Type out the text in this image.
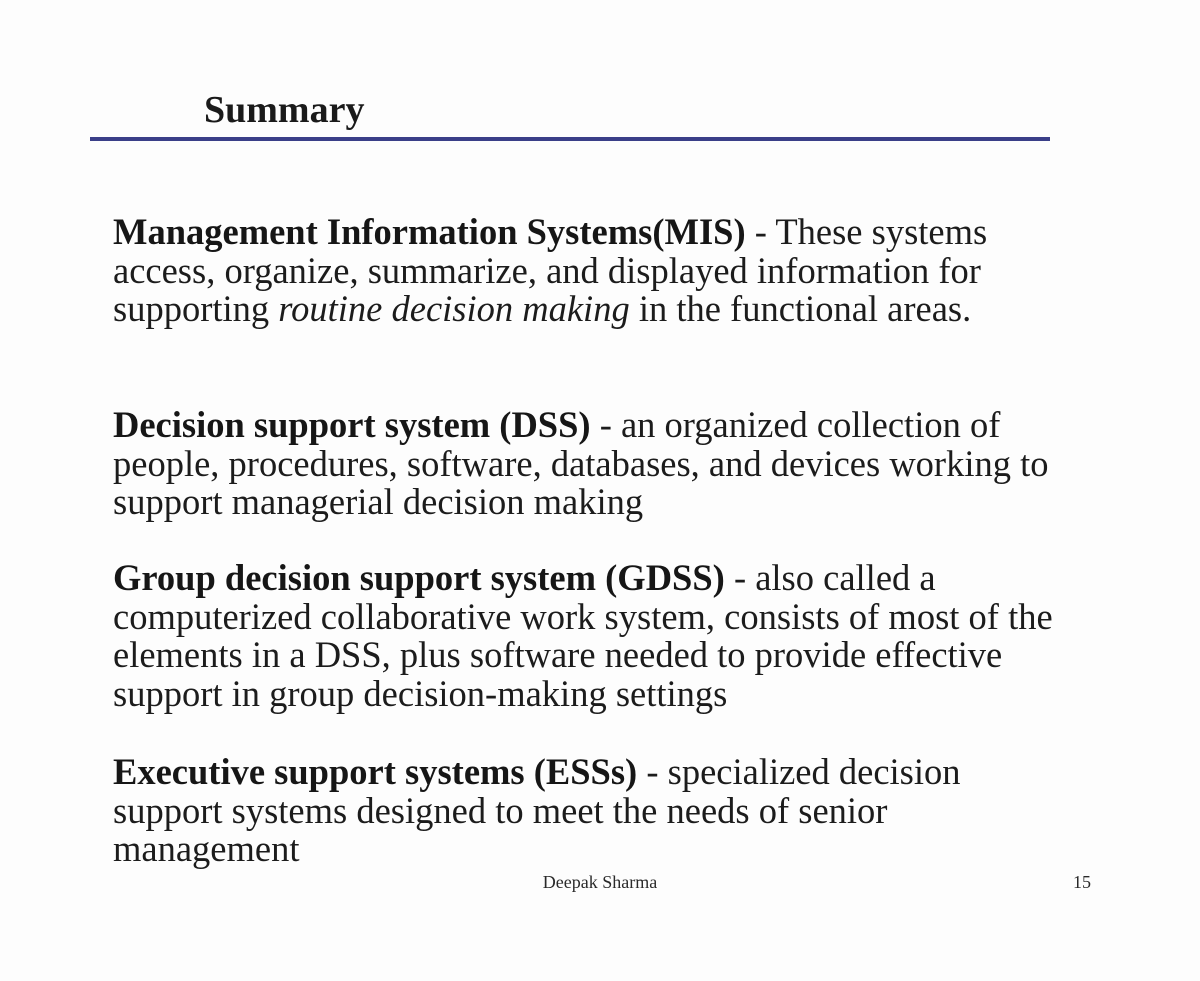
Summary

Management Information Systems(MIS) - These systems access, organize, summarize, and displayed information for supporting routine decision making in the functional areas.

Decision support system (DSS) - an organized collection of people, procedures, software, databases, and devices working to support managerial decision making

Group decision support system (GDSS) - also called a computerized collaborative work system, consists of most of the elements in a DSS, plus software needed to provide effective support in group decision-making settings

Executive support systems (ESSs) - specialized decision support systems designed to meet the needs of senior management

Deepak Sharma	15
